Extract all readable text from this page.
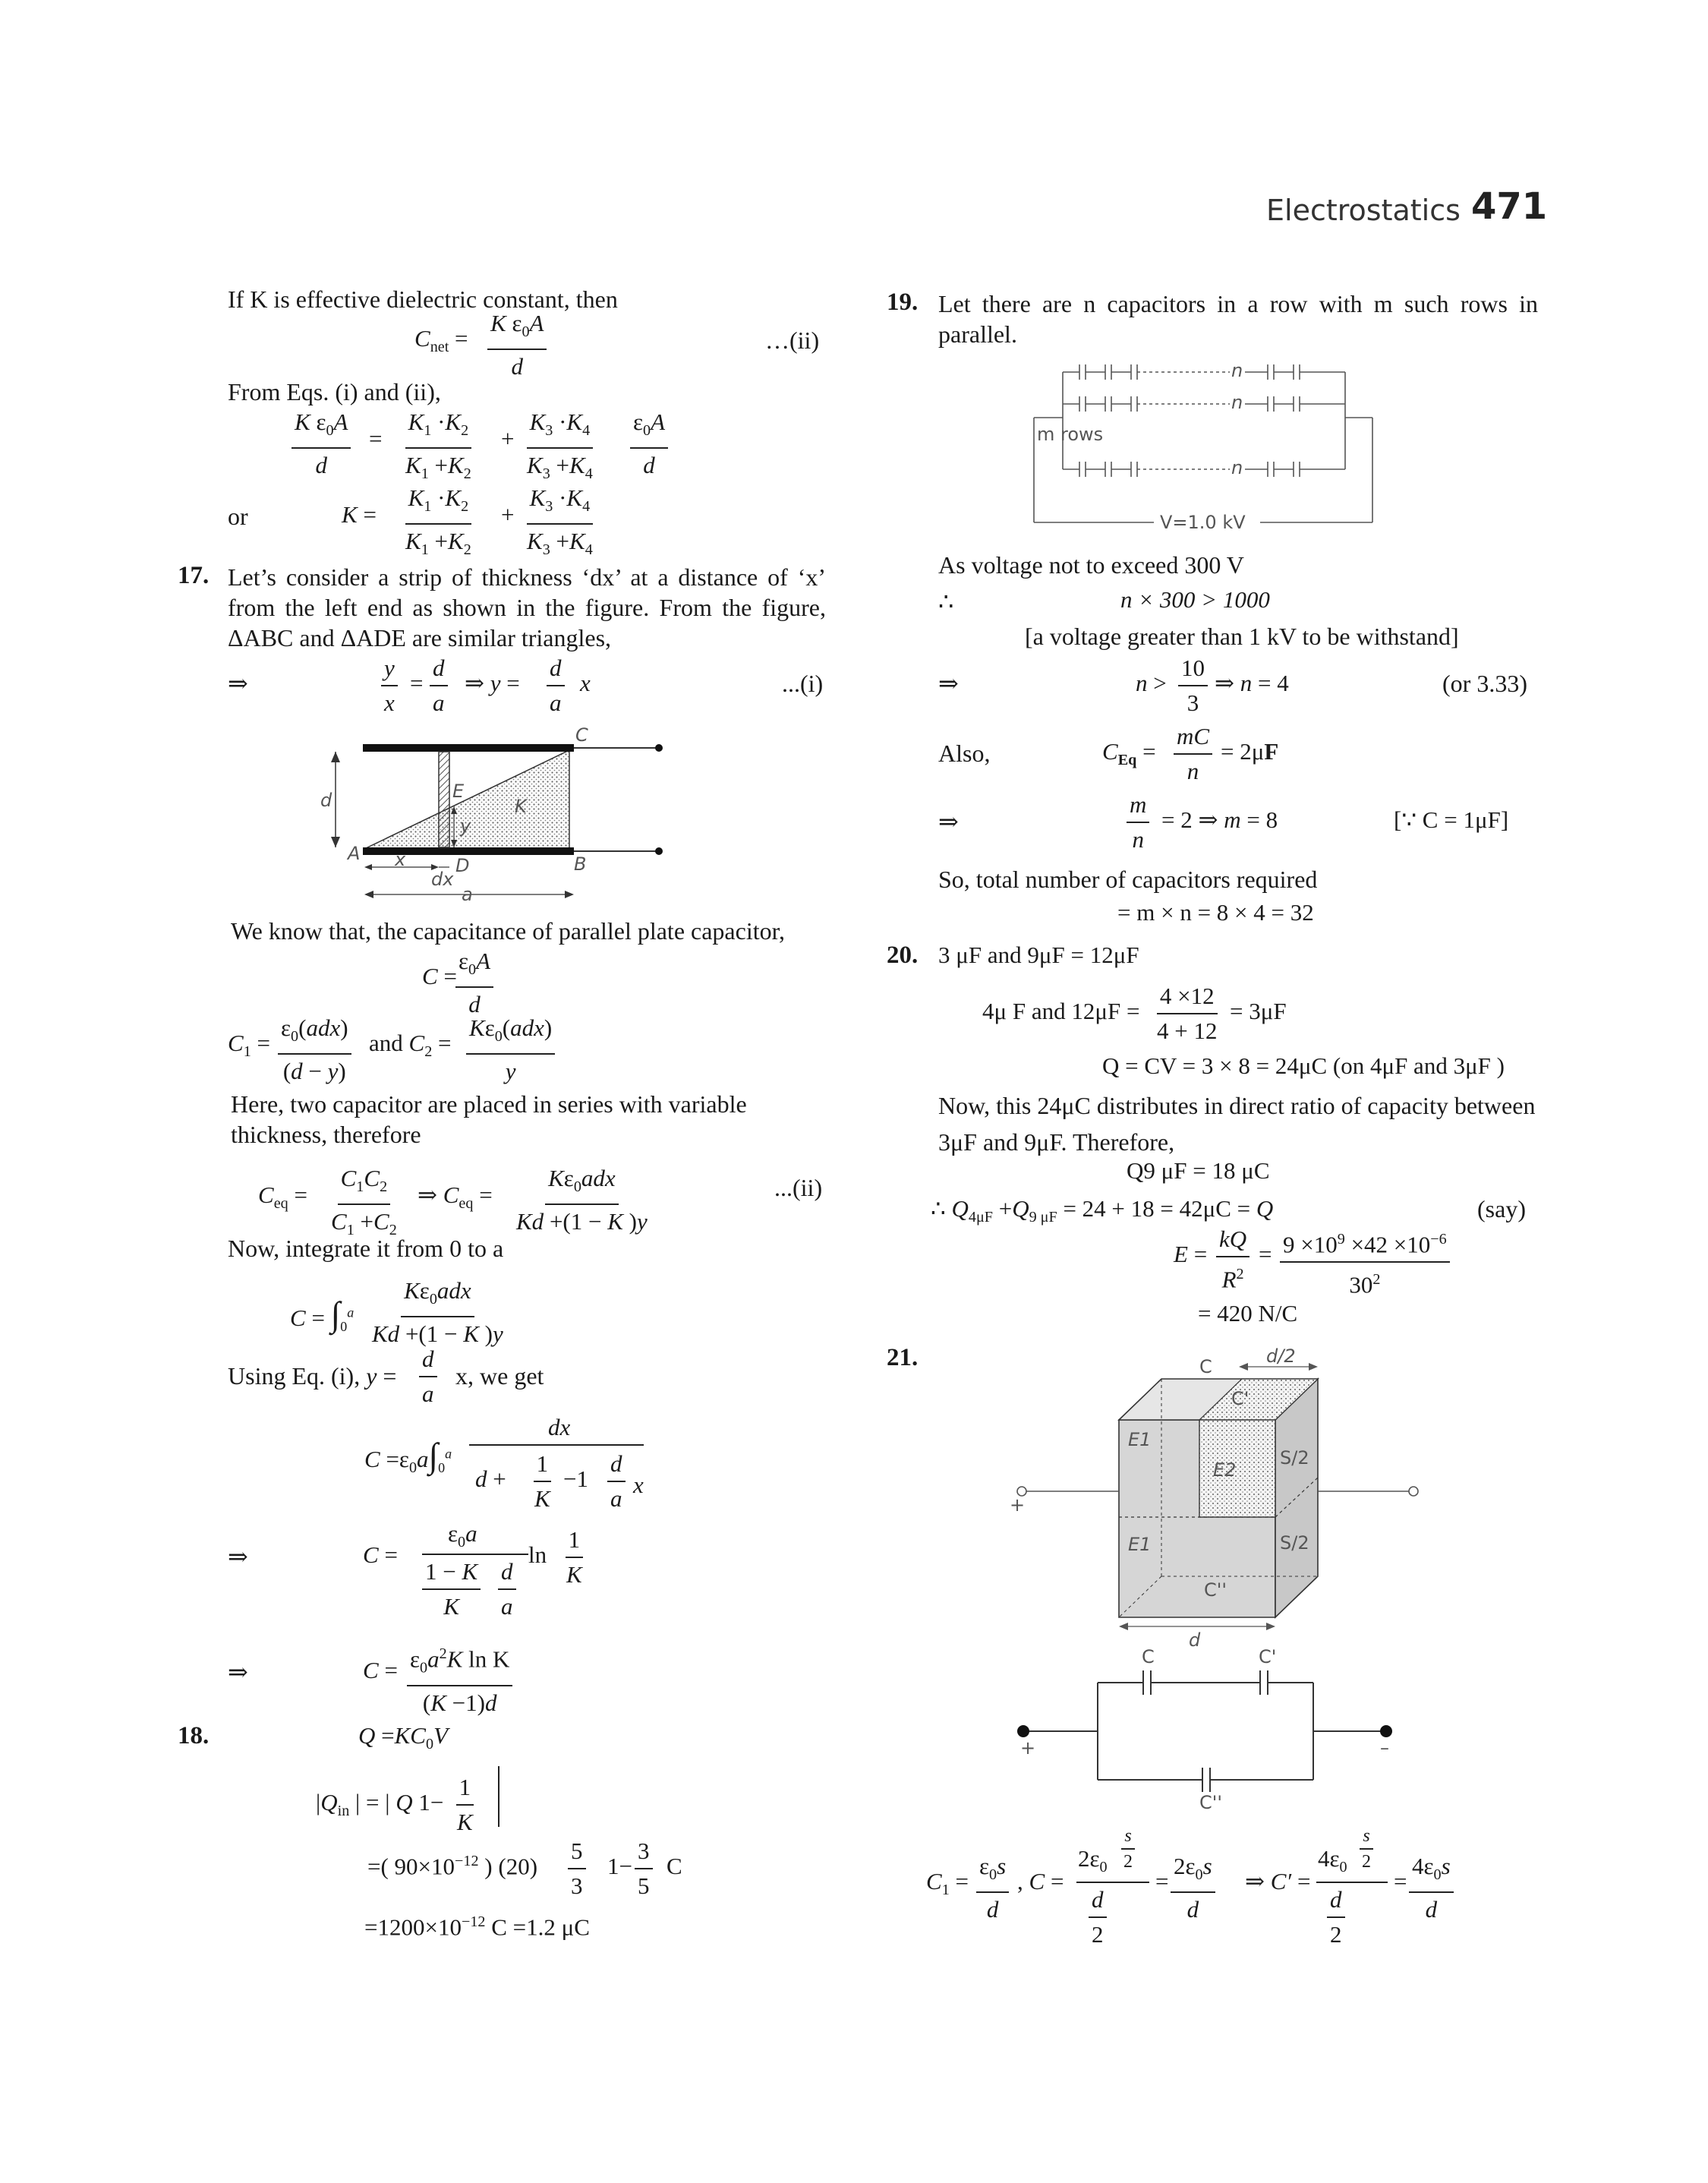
Electrostatics 471
If K is effective dielectric constant, then
$C_{net} = \frac{K \varepsilon_0A}{d}$	…(ii)
From Eqs. (i) and (ii),
$\frac{K \varepsilon_0A}{d} = \frac{K_1 \cdot K_2}{K_1 +K_2} + \frac{K_3 \cdot K_4}{K_3 +K_4} \frac{\varepsilon_0A}{d}$
or	$K = \frac{K_1 \cdot K_2}{K_1 +K_2} + \frac{K_3 \cdot K_4}{K_3 +K_4}$
17. Let’s consider a strip of thickness ‘dx’ at a distance of ‘x’ from the left end as shown in the figure. From the figure, ΔABC and ΔADE are similar triangles,
⇒	$\frac{y}{x} = \frac{d}{a}$ ⇒ $y = \frac{d}{a}$ x	...(i)
C
E
K
d
y
A x	D	B
dx
a
We know that, the capacitance of parallel plate capacitor,
C =
$\frac{\varepsilon_0A}{d}$
$C_1$ =
$\varepsilon_0(adx)$
(d − y)
and $C_2$ =
$K\varepsilon_0(adx)$
y
Here, two capacitor are placed in series with variable thickness, therefore
$C_{eq} = \frac{C_1C_2}{C_1 +C_2}$ ⇒ $C_{eq}$ =
$K\varepsilon_0adx$
Kd +(1 − K )y
...(ii)
Now, integrate it from 0 to a
$C = \int_0^a$
$K\varepsilon_0adx$
Kd +(1 − K )y
Using Eq. (i), $y = \frac{d}{a} x$, we get
$C =\varepsilon_0a\int_0^a$
dx
$d + \frac{1}{K} -1 \frac{d}{a}$ x
⇒	C =
$\varepsilon_0a$
$\frac{1 - K}{K} \frac{d}{a}$
$\ln \frac{1}{K}$
⇒	$C = \frac{\varepsilon_0a^2K \ln K}{(K -1)d}$
18.	$Q =KC_0V$
$|Q_{in}$ | = | Q $1- \frac{1}{K}$
=( $90\times 10^{-12}$ ) $(20) \frac{5}{3} 1- \frac{3}{5}$ C
$=1200\times 10^{-12}$ C =1.2 μC
19. Let there are n capacitors in a row with m such rows in parallel.
n
n
n
m rows
V=1.0 kV
As voltage not to exceed 300 V
∴	n × 300 > 1000
[a voltage greater than 1 kV to be withstand]
⇒	$n > \frac{10}{3}$ ⇒ n = 4	(or 3.33)
Also,	$C_{Eq} = \frac{mC}{n} = 2\mu F$
⇒	$\frac{m}{n} = 2$ ⇒ m = 8	[∵ C = 1μF]
So, total number of capacitors required
= m × n = 8 × 4 = 32
20. 3 μF and 9μF = 12μF
4μ F and $12\mu F = \frac{4 \times 12}{4 + 12} = 3\mu F$
Q = CV = 3 × 8 = 24μC (on 4μF and 3μF )
Now, this 24μC distributes in direct ratio of capacity between 3μF and 9μF. Therefore,
Q9 μF = 18 μC
∴ $Q_{4\mu F} +Q_{9 \mu F} = 24 + 18 = 42\mu C = Q$	(say)
$E = \frac{kQ}{R^2} = \frac{9 \times 10^9 \times 42 \times 10^{-6}}{30^2}$
= 420 N/C
21.	C	d/2
C'
E1
E2
S/2
E1	S/2
C''
d
+
C	C'
C''
+	–
$C_1 = \frac{\varepsilon_0s}{d}$ , C =
$2\varepsilon_0 \frac{s}{2}$
$\frac{d}{2}$
= $\frac{2\varepsilon_0s}{d}$ ⇒ C′ =
$4\varepsilon_0 \frac{s}{2}$
$\frac{d}{2}$
= $\frac{4\varepsilon_0s}{d}$
